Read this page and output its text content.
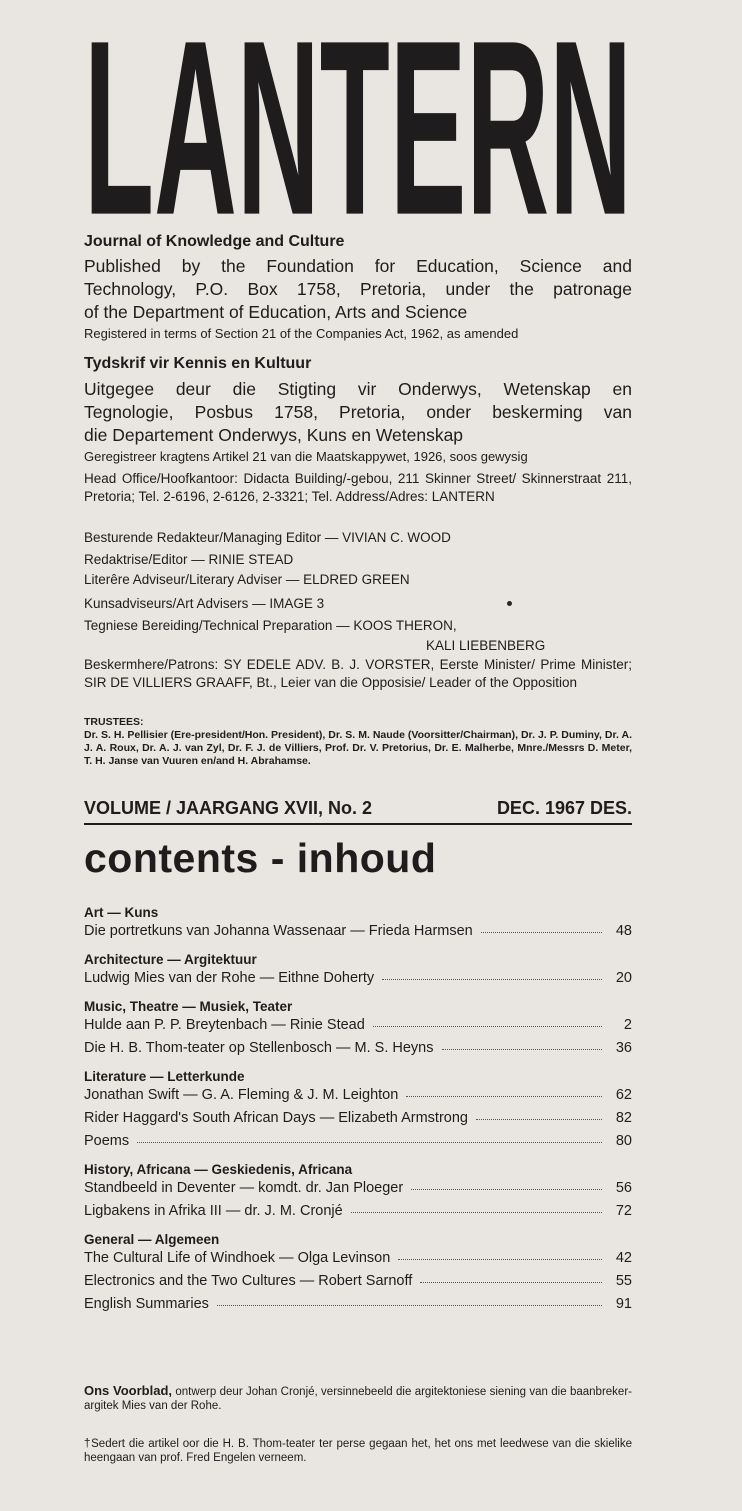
LANTERN
Journal of Knowledge and Culture
Published by the Foundation for Education, Science and
Technology, P.O. Box 1758, Pretoria, under the patronage
of the Department of Education, Arts and Science
Registered in terms of Section 21 of the Companies Act, 1962, as amended
Tydskrif vir Kennis en Kultuur
Uitgegee deur die Stigting vir Onderwys, Wetenskap en
Tegnologie, Posbus 1758, Pretoria, onder beskerming van
die Departement Onderwys, Kuns en Wetenskap
Geregistreer kragtens Artikel 21 van die Maatskappywet, 1926, soos gewysig
Head Office/Hoofkantoor: Didacta Building/-gebou, 211 Skinner Street/ Skinnerstraat 211, Pretoria; Tel. 2-6196, 2-6126, 2-3321; Tel. Address/Adres: LANTERN
Besturende Redakteur/Managing Editor — VIVIAN C. WOOD
Redaktrise/Editor — RINIE STEAD
Literêre Adviseur/Literary Adviser — ELDRED GREEN
Kunsadviseurs/Art Advisers — IMAGE 3
Tegniese Bereiding/Technical Preparation — KOOS THERON,
KALI LIEBENBERG
Beskermhere/Patrons: SY EDELE ADV. B. J. VORSTER, Eerste Minister/ Prime Minister; SIR DE VILLIERS GRAAFF, Bt., Leier van die Opposisie/ Leader of the Opposition
TRUSTEES:
Dr. S. H. Pellisier (Ere-president/Hon. President), Dr. S. M. Naude (Voorsitter/Chairman), Dr. J. P. Duminy, Dr. A. J. A. Roux, Dr. A. J. van Zyl, Dr. F. J. de Villiers, Prof. Dr. V. Pretorius, Dr. E. Malherbe, Mnre./Messrs D. Meter, T. H. Janse van Vuuren en/and H. Abrahamse.
VOLUME / JAARGANG XVII, No. 2	DEC. 1967 DES.
contents - inhoud
Art — Kuns
Die portretkuns van Johanna Wassenaar — Frieda Harmsen	48
Architecture — Argitektuur
Ludwig Mies van der Rohe — Eithne Doherty	20
Music, Theatre — Musiek, Teater
Hulde aan P. P. Breytenbach — Rinie Stead	2
Die H. B. Thom-teater op Stellenbosch — M. S. Heyns	36
Literature — Letterkunde
Jonathan Swift — G. A. Fleming & J. M. Leighton	62
Rider Haggard's South African Days — Elizabeth Armstrong	82
Poems	80
History, Africana — Geskiedenis, Africana
Standbeeld in Deventer — komdt. dr. Jan Ploeger	56
Ligbakens in Afrika III — dr. J. M. Cronjé	72
General — Algemeen
The Cultural Life of Windhoek — Olga Levinson	42
Electronics and the Two Cultures — Robert Sarnoff	55
English Summaries	91
Ons Voorblad, ontwerp deur Johan Cronjé, versinnebeeld die argitektoniese siening van die baanbreker- argitek Mies van der Rohe.
†Sedert die artikel oor die H. B. Thom-teater ter perse gegaan het, het ons met leedwese van die skielike heengaan van prof. Fred Engelen verneem.
